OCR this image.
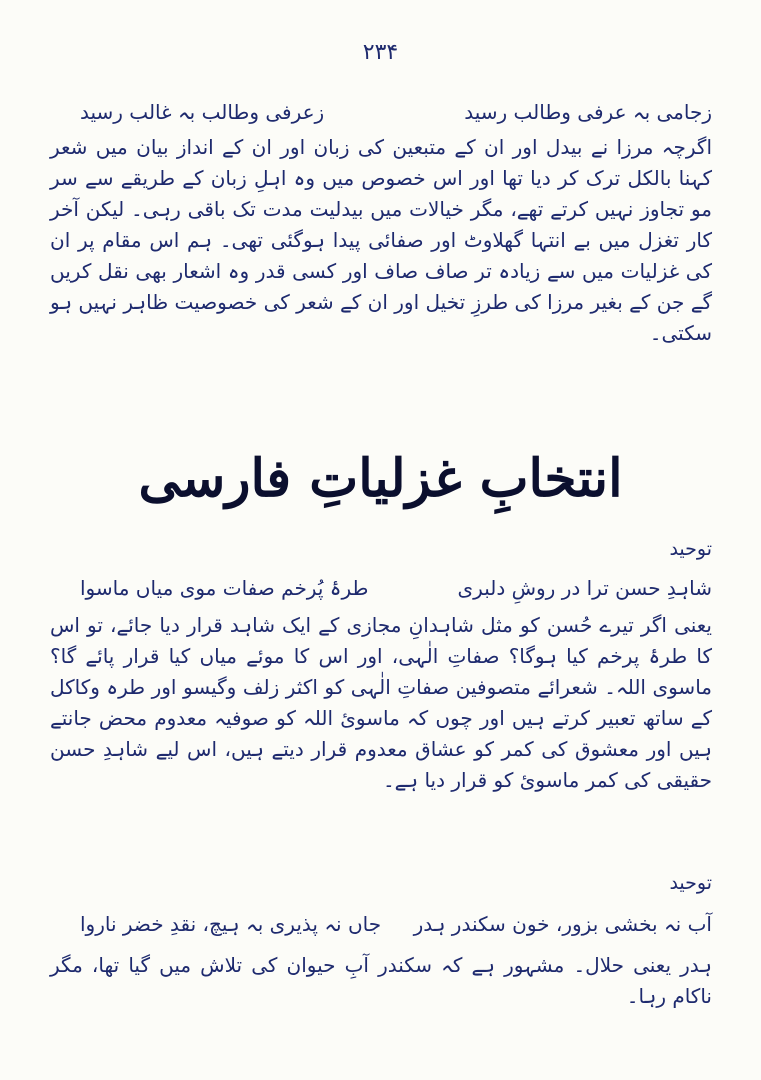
۲۳۴
زجامی بہ عرفی وطالب رسید
زعرفی وطالب بہ غالب رسید
اگرچہ مرزا نے بیدل اور ان کے متبعین کی زبان اور ان کے انداز بیان میں شعر کہنا بالکل ترک کر دیا تھا اور اس خصوص میں وہ اہلِ زبان کے طریقے سے سر مو تجاوز نہیں کرتے تھے، مگر خیالات میں بیدلیت مدت تک باقی رہی۔ لیکن آخر کار تغزل میں بے انتہا گھلاوٹ اور صفائی پیدا ہوگئی تھی۔ ہم اس مقام پر ان کی غزلیات میں سے زیادہ تر صاف صاف اور کسی قدر وہ اشعار بھی نقل کریں گے جن کے بغیر مرزا کی طرزِ تخیل اور ان کے شعر کی خصوصیت ظاہر نہیں ہو سکتی۔
انتخابِ غزلیاتِ فارسی
توحید
شاہدِ حسن ترا در روشِ دلبری
طرۂ پُرخم صفات موی میاں ماسوا
یعنی اگر تیرے حُسن کو مثل شاہدانِ مجازی کے ایک شاہد قرار دیا جائے، تو اس کا طرۂ پرخم کیا ہوگا؟ صفاتِ الٰہی، اور اس کا موئے میاں کیا قرار پائے گا؟ ماسوی اللہ۔ شعرائے متصوفین صفاتِ الٰہی کو اکثر زلف وگیسو اور طرہ وکاکل کے ساتھ تعبیر کرتے ہیں اور چوں کہ ماسوئ اللہ کو صوفیہ معدوم محض جانتے ہیں اور معشوق کی کمر کو عشاق معدوم قرار دیتے ہیں، اس لیے شاہدِ حسن حقیقی کی کمر ماسوئ کو قرار دیا ہے۔
توحید
آب نہ بخشی بزور، خون سکندر ہدر
جاں نہ پذیری بہ ہیچ، نقدِ خضر ناروا
ہدر یعنی حلال۔ مشہور ہے کہ سکندر آبِ حیوان کی تلاش میں گیا تھا، مگر ناکام رہا۔
